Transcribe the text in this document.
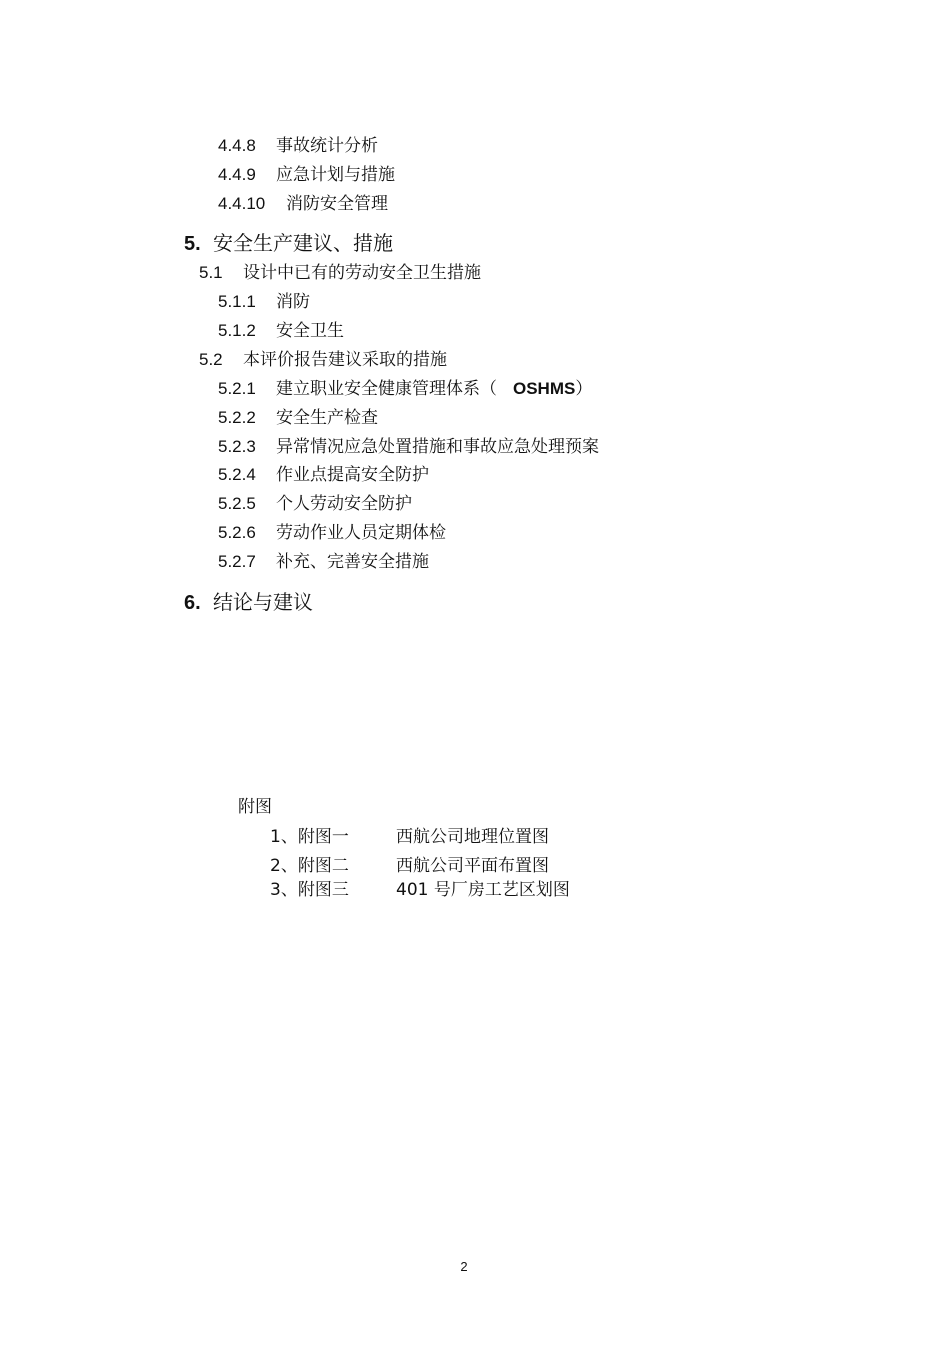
4.4.8 事故统计分析
4.4.9 应急计划与措施
4.4.10 消防安全管理
5. 安全生产建议、措施
5.1 设计中已有的劳动安全卫生措施
5.1.1 消防
5.1.2 安全卫生
5.2 本评价报告建议采取的措施
5.2.1 建立职业安全健康管理体系（ OSHMS）
5.2.2 安全生产检查
5.2.3 异常情况应急处置措施和事故应急处理预案
5.2.4 作业点提高安全防护
5.2.5 个人劳动安全防护
5.2.6 劳动作业人员定期体检
5.2.7 补充、完善安全措施
6. 结论与建议
附图
1、附图一	西航公司地理位置图
2、附图二	西航公司平面布置图
3、附图三	401 号厂房工艺区划图
2
